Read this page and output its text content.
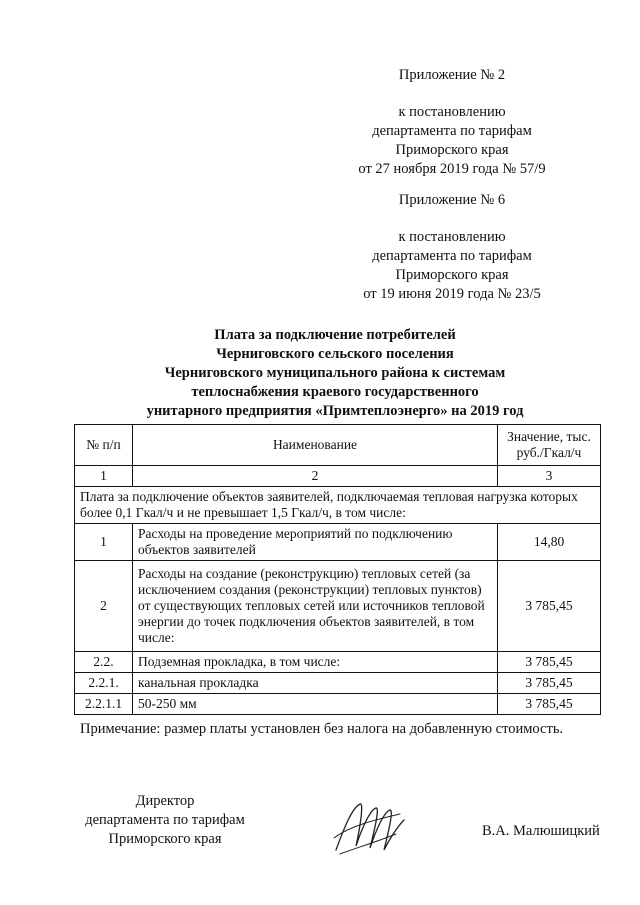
Приложение № 2
к постановлению
департамента по тарифам
Приморского края
от 27 ноября 2019 года № 57/9
Приложение № 6
к постановлению
департамента по тарифам
Приморского края
от 19 июня 2019 года № 23/5
Плата за подключение потребителей
Черниговского сельского поселения
Черниговского муниципального района к системам
теплоснабжения краевого государственного
унитарного предприятия «Примтеплоэнерго» на 2019 год
№ п/п	Наименование	Значение, тыс. руб./Гкал/ч
1	2	3
Плата за подключение объектов заявителей, подключаемая тепловая нагрузка которых более 0,1 Гкал/ч и не превышает 1,5 Гкал/ч, в том числе:		
1	Расходы на проведение мероприятий по подключению объектов заявителей	14,80
2	Расходы на создание (реконструкцию) тепловых сетей (за исключением создания (реконструкции) тепловых пунктов) от существующих тепловых сетей или источников тепловой энергии до точек подключения объектов заявителей, в том числе:	3 785,45
2.2.	Подземная прокладка, в том числе:	3 785,45
2.2.1.	канальная прокладка	3 785,45
2.2.1.1	50-250 мм	3 785,45
Примечание: размер платы установлен без налога на добавленную стоимость.
Директор
департамента по тарифам
Приморского края	В.А. Малюшицкий
